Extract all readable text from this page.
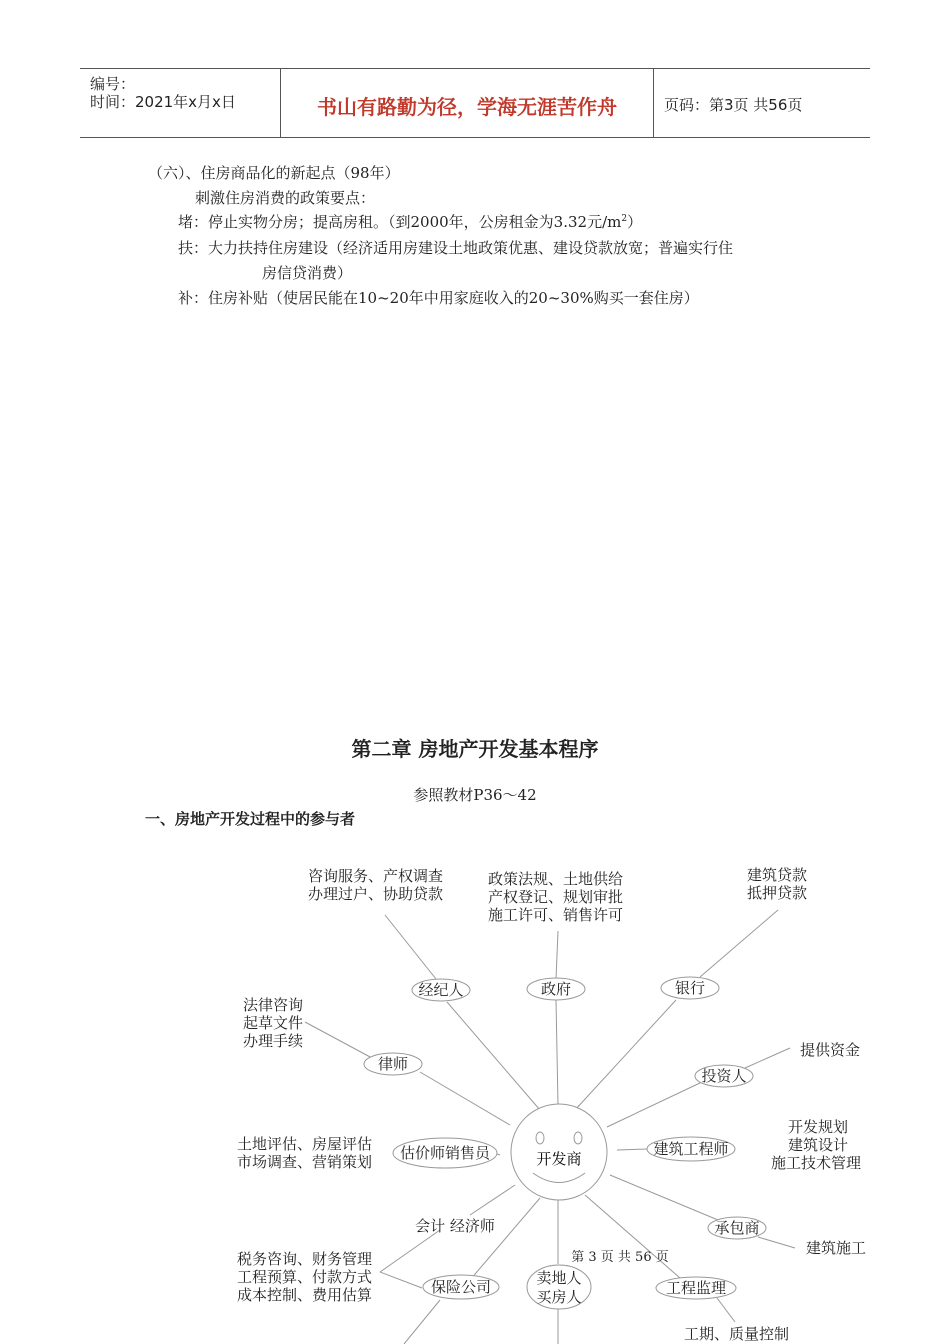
编号：
时间：2021年x月x日	书山有路勤为径，学海无涯苦作舟	页码：第3页 共56页
（六）、住房商品化的新起点（98年）
刺激住房消费的政策要点：
堵：停止实物分房；提高房租。（到2000年，公房租金为3.32元$/m^2$）
扶：大力扶持住房建设（经济适用房建设土地政策优惠、建设贷款放宽；普遍实行住
房信贷消费）
补：住房补贴（使居民能在10~20年中用家庭收入的20~30%购买一套住房）
第二章 房地产开发基本程序
参照教材P36～42
一、房地产开发过程中的参与者
开发商
经纪人	政府	银行
律师
投资人
估价师销售员	建筑工程师
会计 经济师	承包商
保险公司	卖地人
买房人	工程监理
咨询服务、产权调查
办理过户、协助贷款
政策法规、土地供给
产权登记、规划审批
施工许可、销售许可
建筑贷款
抵押贷款
法律咨询
起草文件
办理手续	提供资金
土地评估、房屋评估
市场调查、营销策划
开发规划
建筑设计
施工技术管理
建筑施工
税务咨询、财务管理
工程预算、付款方式
成本控制、费用估算
工期、质量控制
第 3 页 共 56 页
